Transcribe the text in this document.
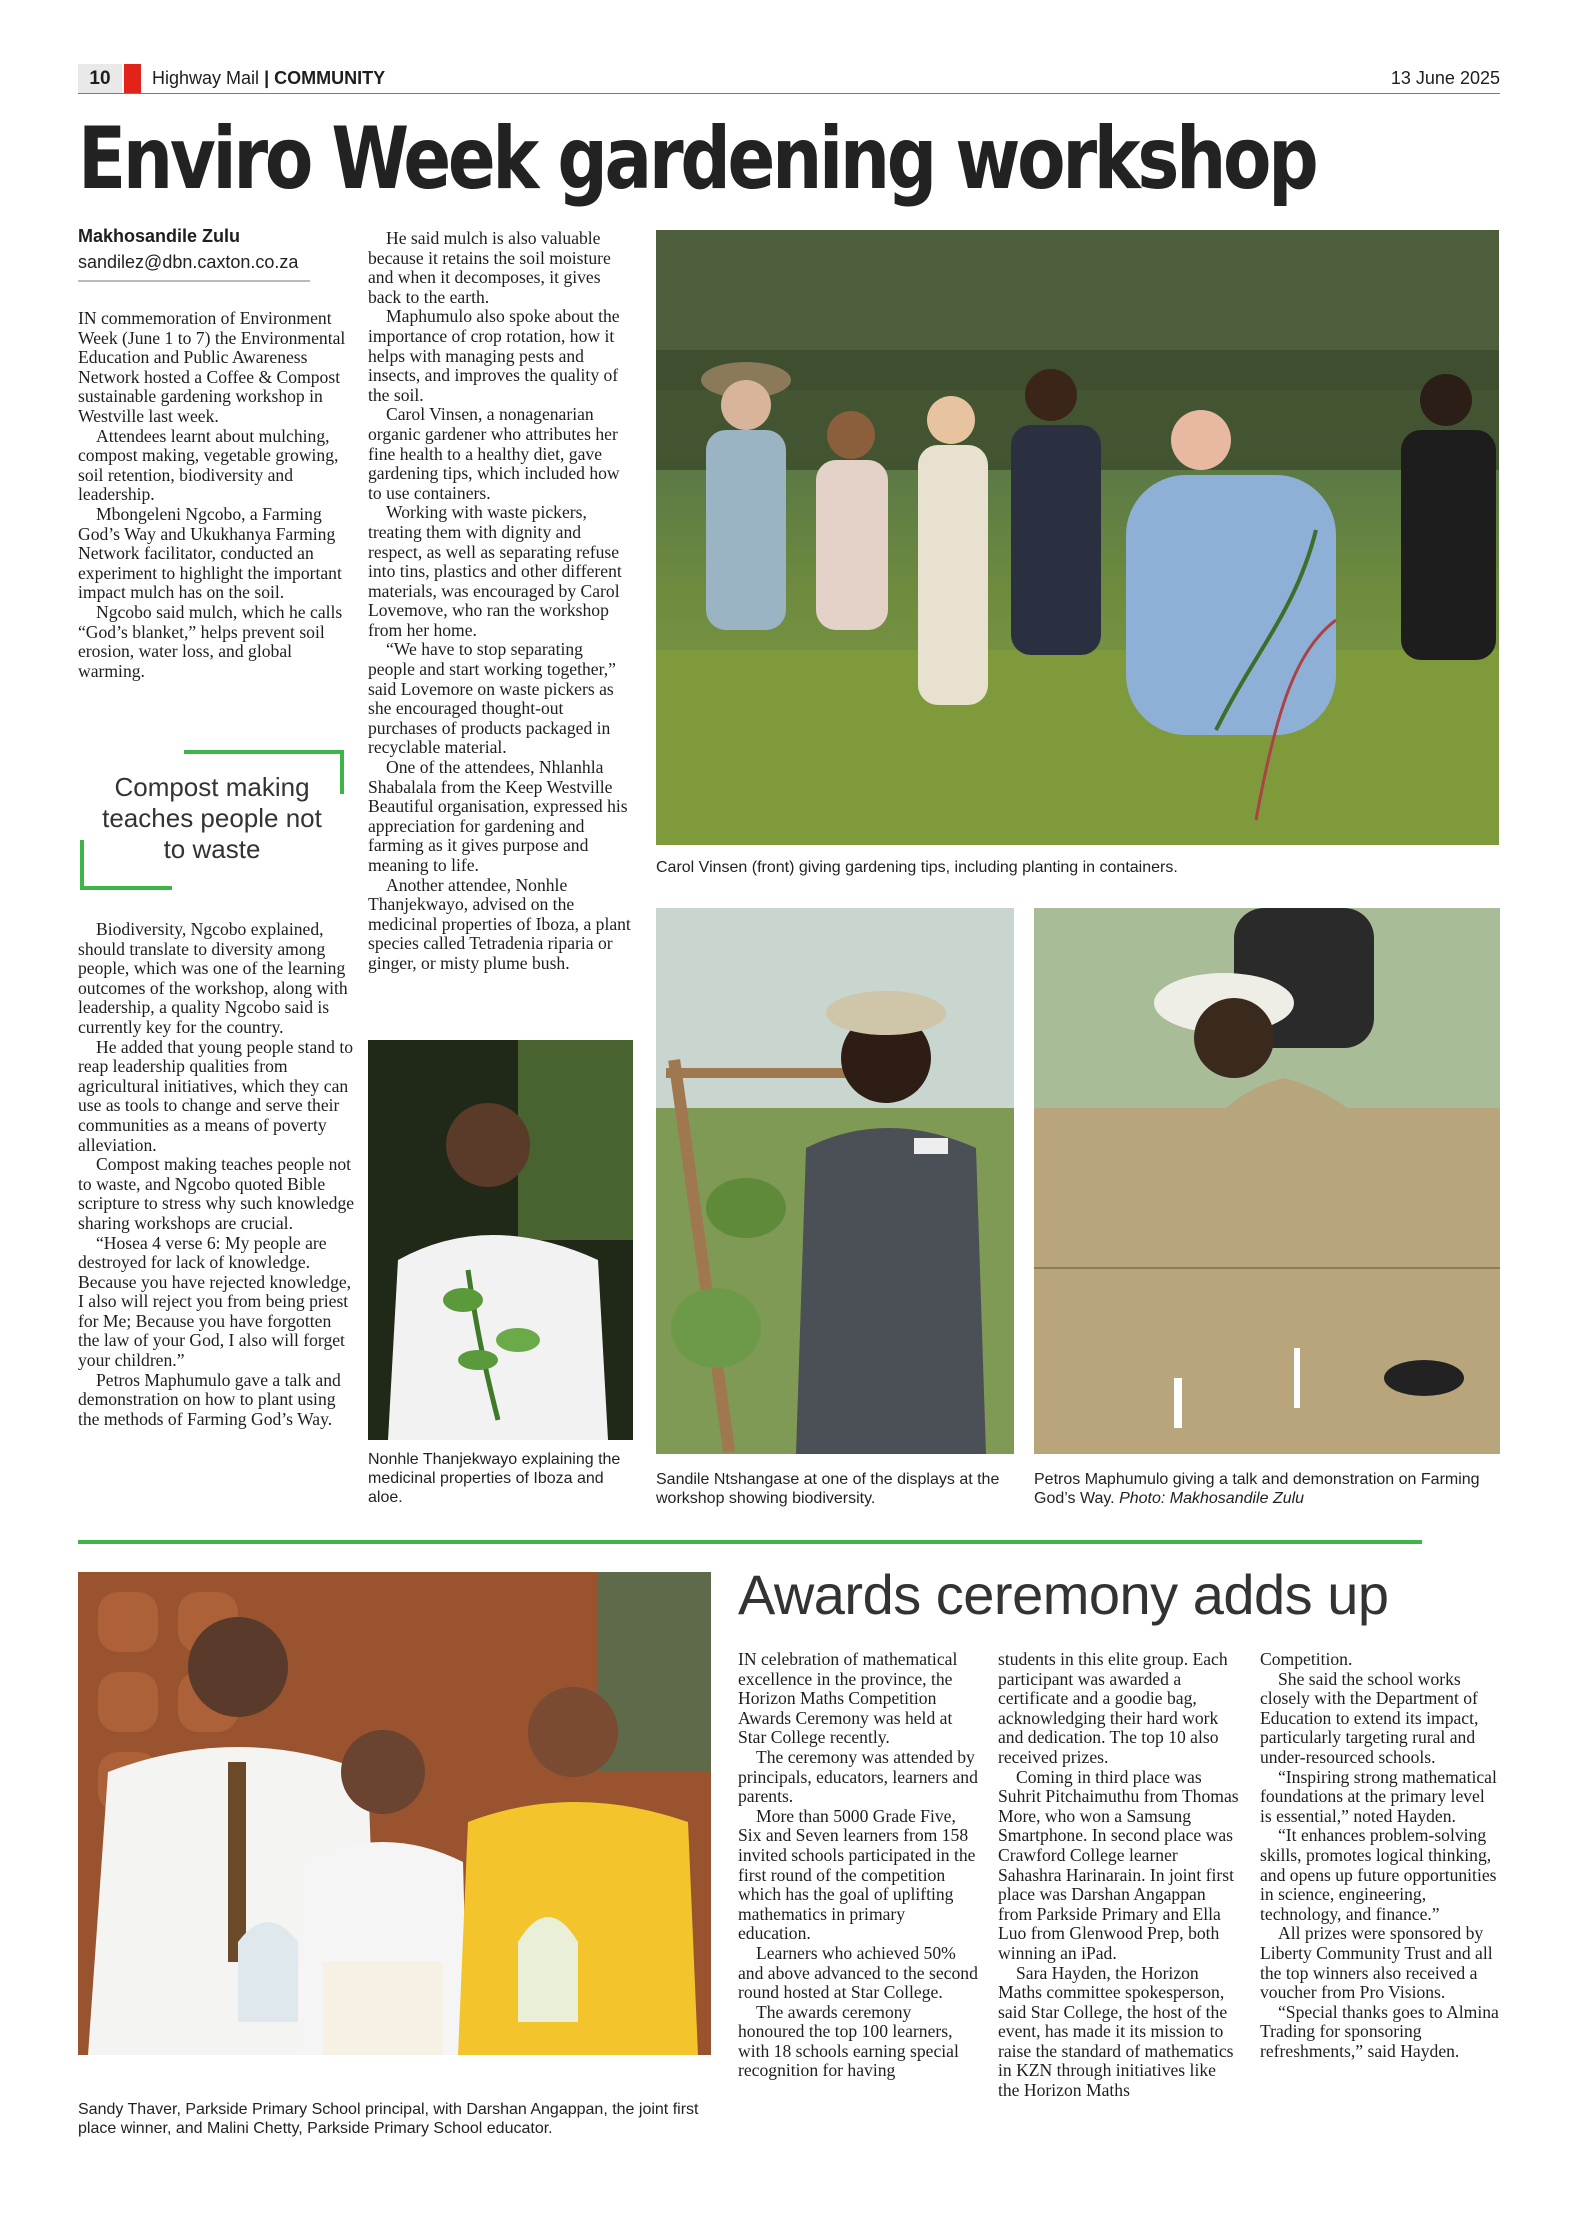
10	Highway Mail | COMMUNITY	13 June 2025
Enviro Week gardening workshop
Makhosandile Zulu
sandilez@dbn.caxton.co.za

IN commemoration of Environment Week (June 1 to 7) the Environmental Education and Public Awareness Network hosted a Coffee & Compost sustainable gardening workshop in Westville last week.

Attendees learnt about mulching, compost making, vegetable growing, soil retention, biodiversity and leadership.

Mbongeleni Ngcobo, a Farming God’s Way and Ukukhanya Farming Network facilitator, conducted an experiment to highlight the important impact mulch has on the soil.

Ngcobo said mulch, which he calls “God’s blanket,” helps prevent soil erosion, water loss, and global warming.

Compost making teaches people not to waste

Biodiversity, Ngcobo explained, should translate to diversity among people, which was one of the learning outcomes of the workshop, along with leadership, a quality Ngcobo said is currently key for the country.

He added that young people stand to reap leadership qualities from agricultural initiatives, which they can use as tools to change and serve their communities as a means of poverty alleviation.

Compost making teaches people not to waste, and Ngcobo quoted Bible scripture to stress why such knowledge sharing workshops are crucial.

“Hosea 4 verse 6: My people are destroyed for lack of knowledge. Because you have rejected knowledge, I also will reject you from being priest for Me; Because you have forgotten the law of your God, I also will forget your children.”

Petros Maphumulo gave a talk and demonstration on how to plant using the methods of Farming God’s Way.

He said mulch is also valuable because it retains the soil moisture and when it decomposes, it gives back to the earth.

Maphumulo also spoke about the importance of crop rotation, how it helps with managing pests and insects, and improves the quality of the soil.

Carol Vinsen, a nonagenarian organic gardener who attributes her fine health to a healthy diet, gave gardening tips, which included how to use containers.

Working with waste pickers, treating them with dignity and respect, as well as separating refuse into tins, plastics and other different materials, was encouraged by Carol Lovemove, who ran the workshop from her home.

“We have to stop separating people and start working together,” said Lovemore on waste pickers as she encouraged thought-out purchases of products packaged in recyclable material.

One of the attendees, Nhlanhla Shabalala from the Keep Westville Beautiful organisation, expressed his appreciation for gardening and farming as it gives purpose and meaning to life.

Another attendee, Nonhle Thanjekwayo, advised on the medicinal properties of Iboza, a plant species called Tetradenia riparia or ginger, or misty plume bush.

Carol Vinsen (front) giving gardening tips, including planting in containers.
Nonhle Thanjekwayo explaining the medicinal properties of Iboza and aloe.
Sandile Ntshangase at one of the displays at the workshop showing biodiversity.
Petros Maphumulo giving a talk and demonstration on Farming God’s Way. Photo: Makhosandile Zulu
Sandy Thaver, Parkside Primary School principal, with Darshan Angappan, the joint first place winner, and Malini Chetty, Parkside Primary School educator.
Awards ceremony adds up

IN celebration of mathematical excellence in the province, the Horizon Maths Competition Awards Ceremony was held at Star College recently.

The ceremony was attended by principals, educators, learners and parents.

More than 5000 Grade Five, Six and Seven learners from 158 invited schools participated in the first round of the competition which has the goal of uplifting mathematics in primary education.

Learners who achieved 50% and above advanced to the second round hosted at Star College.

The awards ceremony honoured the top 100 learners, with 18 schools earning special recognition for having

students in this elite group. Each participant was awarded a certificate and a goodie bag, acknowledging their hard work and dedication. The top 10 also received prizes.

Coming in third place was Suhrit Pitchaimuthu from Thomas More, who won a Samsung Smartphone. In second place was Crawford College learner Sahashra Harinarain. In joint first place was Darshan Angappan from Parkside Primary and Ella Luo from Glenwood Prep, both winning an iPad.

Sara Hayden, the Horizon Maths committee spokesperson, said Star College, the host of the event, has made it its mission to raise the standard of mathematics in KZN through initiatives like the Horizon Maths

Competition.

She said the school works closely with the Department of Education to extend its impact, particularly targeting rural and under-resourced schools.

“Inspiring strong mathematical foundations at the primary level is essential,” noted Hayden.

“It enhances problem-solving skills, promotes logical thinking, and opens up future opportunities in science, engineering, technology, and finance.”

All prizes were sponsored by Liberty Community Trust and all the top winners also received a voucher from Pro Visions.

“Special thanks goes to Almina Trading for sponsoring refreshments,” said Hayden.
